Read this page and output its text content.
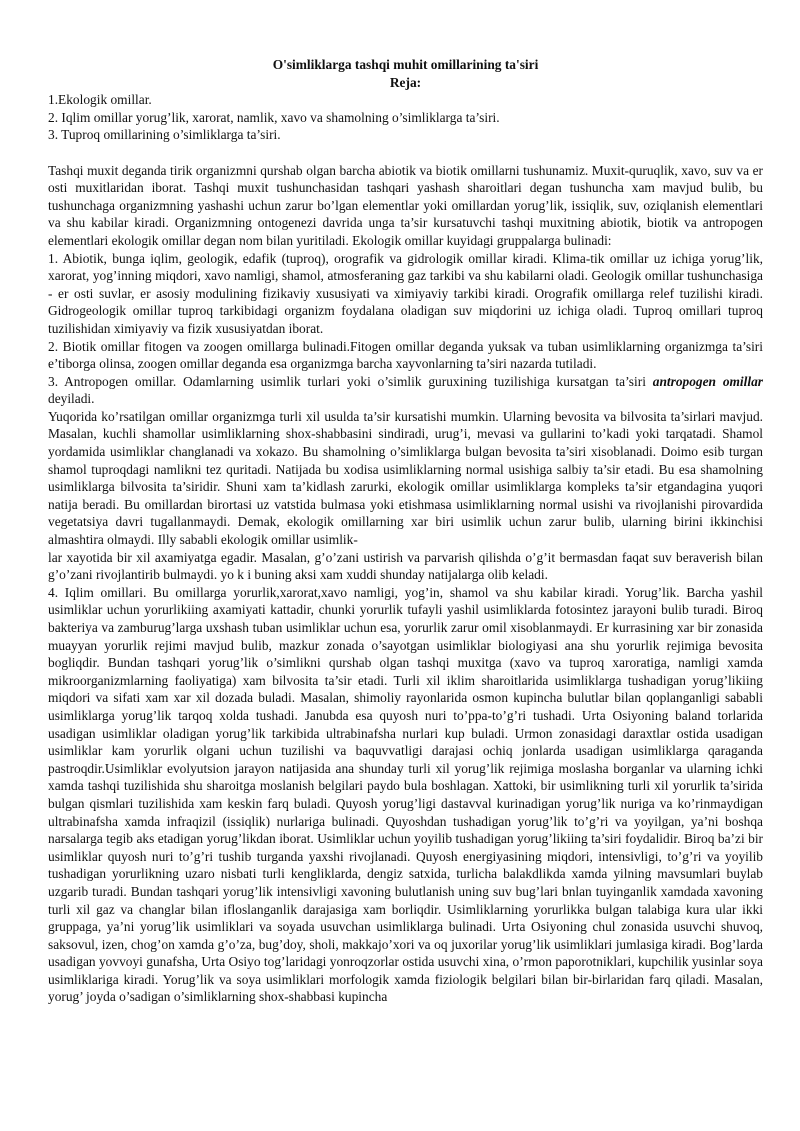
O'simliklarga tashqi muhit omillarining ta'siri
Reja:
1.Ekologik omillar.
2. Iqlim omillar yorug’lik, xarorat, namlik, xavo va shamolning o’simliklarga ta’siri.
3. Tuproq omillarining o’simliklarga ta’siri.

Tashqi muxit deganda tirik organizmni qurshab olgan barcha abiotik va biotik omillarni tushunamiz. Muxit-quruqlik, xavo, suv va er osti muxitlaridan iborat. Tashqi muxit tushunchasidan tashqari yashash sharoitlari degan tushuncha xam mavjud bulib, bu tushunchaga organizmning yashashi uchun zarur bo’lgan elementlar yoki omillardan yorug’lik, issiqlik, suv, oziqlanish elementlari va shu kabilar kiradi. Organizmning ontogenezi davrida unga ta’sir kursatuvchi tashqi muxitning abiotik, biotik va antropogen elementlari ekologik omillar degan nom bilan yuritiladi. Ekologik omillar kuyidagi gruppalarga bulinadi:

1. Abiotik, bunga iqlim, geologik, edafik (tuproq), orografik va gidrologik omillar kiradi. Klima-tik omillar uz ichiga yorug’lik, xarorat, yog’inning miqdori, xavo namligi, shamol, atmosferaning gaz tarkibi va shu kabilarni oladi. Geologik omillar tushunchasiga - er osti suvlar, er asosiy modulining fizikaviy xususiyati va ximiyaviy tarkibi kiradi. Orografik omillarga relef tuzilishi kiradi. Gidrogeologik omillar tuproq tarkibidagi organizm foydalana oladigan suv miqdorini uz ichiga oladi. Tuproq omillari tuproq tuzilishidan ximiyaviy va fizik xususiyatdan iborat.

2. Biotik omillar fitogen va zoogen omillarga bulinadi.Fitogen omillar deganda yuksak va tuban usimliklarning organizmga ta’siri e’tiborga olinsa, zoogen omillar deganda esa organizmga barcha xayvonlarning ta’siri nazarda tutiladi.

3. Antropogen omillar. Odamlarning usimlik turlari yoki o’simlik guruxining tuzilishiga kursatgan ta’siri antropogen omillar deyiladi.

Yuqorida ko’rsatilgan omillar organizmga turli xil usulda ta’sir kursatishi mumkin. Ularning bevosita va bilvosita ta’sirlari mavjud. Masalan, kuchli shamollar usimliklarning shox-shabbasini sindiradi, urug’i, mevasi va gullarini to’kadi yoki tarqatadi. Shamol yordamida usimliklar changlanadi va xokazo. Bu shamolning o’simliklarga bulgan bevosita ta’siri xisoblanadi. Doimo esib turgan shamol tuproqdagi namlikni tez quritadi. Natijada bu xodisa usimliklarning normal usishiga salbiy ta’sir etadi. Bu esa shamolning usimliklarga bilvosita ta’siridir. Shuni xam ta’kidlash zarurki, ekologik omillar usimliklarga kompleks ta’sir etgandagina yuqori natija beradi. Bu omillardan birortasi uz vatstida bulmasa yoki etishmasa usimliklarning normal usishi va rivojlanishi pirovardida vegetatsiya davri tugallanmaydi. Demak, ekologik omillarning xar biri usimlik uchun zarur bulib, ularning birini ikkinchisi almashtira olmaydi. Illy sababli ekologik omillar usimlik-

lar xayotida bir xil axamiyatga egadir. Masalan, g’o’zani ustirish va parvarish qilishda o’g’it bermasdan faqat suv beraverish bilan g’o’zani rivojlantirib bulmaydi. yo k i buning aksi xam xuddi shunday natijalarga olib keladi.

4. Iqlim omillari. Bu omillarga yorurlik,xarorat,xavo namligi, yog’in, shamol va shu kabilar kiradi. Yorug’lik. Barcha yashil usimliklar uchun yorurlikiing axamiyati kattadir, chunki yorurlik tufayli yashil usimliklarda fotosintez jarayoni bulib turadi. Biroq bakteriya va zamburug’larga uxshash tuban usimliklar uchun esa, yorurlik zarur omil xisoblanmaydi. Er kurrasining xar bir zonasida muayyan yorurlik rejimi mavjud bulib, mazkur zonada o’sayotgan usimliklar biologiyasi ana shu yorurlik rejimiga bevosita bogliqdir. Bundan tashqari yorug’lik o’simlikni qurshab olgan tashqi muxitga (xavo va tuproq xaroratiga, namligi xamda mikroorganizmlarning faoliyatiga) xam bilvosita ta’sir etadi. Turli xil iklim sharoitlarida usimliklarga tushadigan yorug’likiing miqdori va sifati xam xar xil dozada buladi. Masalan, shimoliy rayonlarida osmon kupincha bulutlar bilan qoplanganligi sababli usimliklarga yorug’lik tarqoq xolda tushadi. Janubda esa quyosh nuri to’ppa-to’g’ri tushadi. Urta Osiyoning baland torlarida usadigan usimliklar oladigan yorug’lik tarkibida ultrabinafsha nurlari kup buladi. Urmon zonasidagi daraxtlar ostida usadigan usimliklar kam yorurlik olgani uchun tuzilishi va baquvvatligi darajasi ochiq jonlarda usadigan usimliklarga qaraganda pastroqdir.Usimliklar evolyutsion jarayon natijasida ana shunday turli xil yorug’lik rejimiga moslasha borganlar va ularning ichki xamda tashqi tuzilishida shu sharoitga moslanish belgilari paydo bula boshlagan. Xattoki, bir usimlikning turli xil yorurlik ta’sirida bulgan qismlari tuzilishida xam keskin farq buladi. Quyosh yorug’ligi dastavval kurinadigan yorug’lik nuriga va ko’rinmaydigan ultrabinafsha xamda infraqizil (issiqlik) nurlariga bulinadi. Quyoshdan tushadigan yorug’lik to’g’ri va yoyilgan, ya’ni boshqa narsalarga tegib aks etadigan yorug’likdan iborat. Usimliklar uchun yoyilib tushadigan yorug’likiing ta’siri foydalidir. Biroq ba’zi bir usimliklar quyosh nuri to’g’ri tushib turganda yaxshi rivojlanadi. Quyosh energiyasining miqdori, intensivligi, to’g’ri va yoyilib tushadigan yorurlikning uzaro nisbati turli kengliklarda, dengiz satxida, turlicha balakdlikda xamda yilning mavsumlari buylab uzgarib turadi. Bundan tashqari yorug’lik intensivligi xavoning bulutlanish uning suv bug’lari bnlan tuyinganlik xamdada xavoning turli xil gaz va changlar bilan ifloslanganlik darajasiga xam borliqdir. Usimliklarning yorurlikka bulgan talabiga kura ular ikki gruppaga, ya’ni yorug’lik usimliklari va soyada usuvchan usimliklarga bulinadi. Urta Osiyoning chul zonasida usuvchi shuvoq, saksovul, izen, chog’on xamda g’o’za, bug’doy, sholi, makkajo’xori va oq juxorilar yorug’lik usimliklari jumlasiga kiradi. Bog’larda usadigan yovvoyi gunafsha, Urta Osiyo tog’laridagi yonroqzorlar ostida usuvchi xina, o’rmon paporotniklari, kupchilik yusinlar soya usimliklariga kiradi. Yorug’lik va soya usimliklari morfologik xamda fiziologik belgilari bilan bir-birlaridan farq qiladi. Masalan, yorug’ joyda o’sadigan o’simliklarning shox-shabbasi kupincha
